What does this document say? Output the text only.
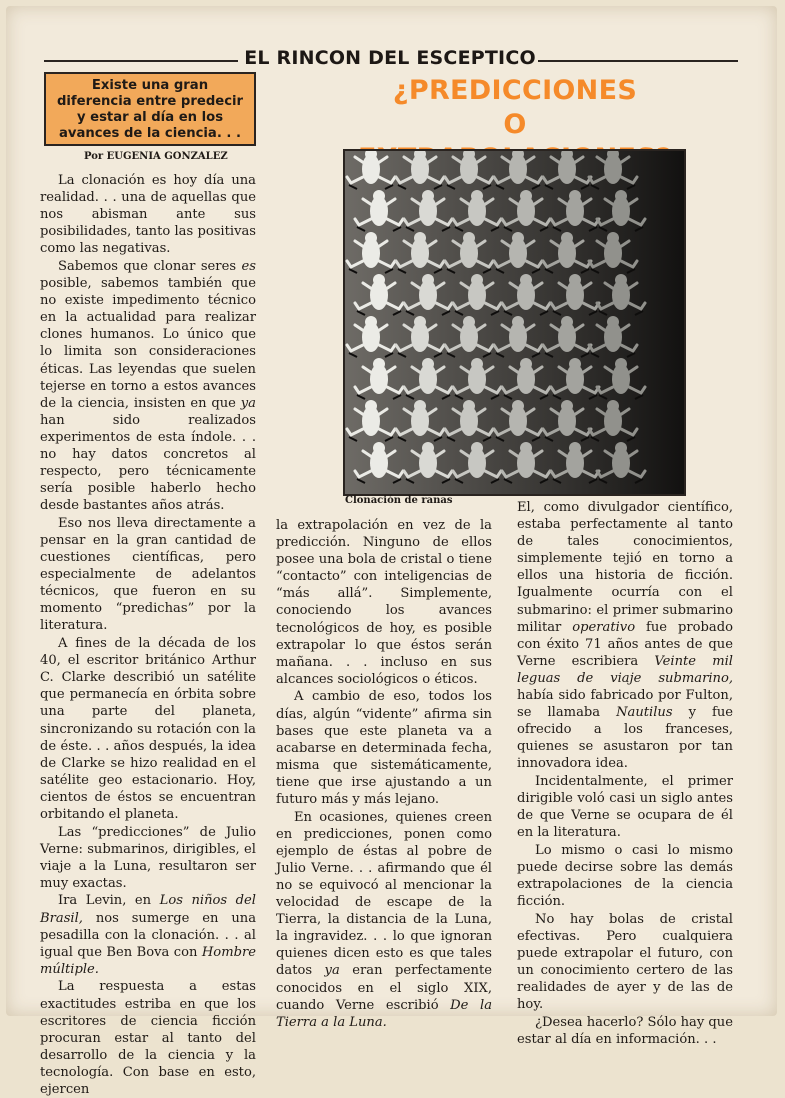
EL RINCON DEL ESCEPTICO
Existe una gran
diferencia entre predecir
y estar al día en los
avances de la ciencia. . .
Por EUGENIA GONZALEZ
¿PREDICCIONES
O
Clonación de ranas

La clonación es hoy día una realidad. . . una de aquellas que nos abisman ante sus posibilidades, tanto las positivas como las negativas.

Sabemos que clonar seres es posible, sabemos también que no existe impedimento técnico en la actualidad para realizar clones humanos. Lo único que lo limita son consideraciones éticas. Las leyendas que suelen tejerse en torno a estos avances de la ciencia, insisten en que ya han sido realizados experimentos de esta índole. . . no hay datos concretos al respecto, pero técnicamente sería posible haberlo hecho desde bastantes años atrás.

Eso nos lleva directamente a pensar en la gran cantidad de cuestiones científicas, pero especialmente de adelantos técnicos, que fueron en su momento “predichas” por la literatura.

A fines de la década de los 40, el escritor británico Arthur C. Clarke describió un satélite que permanecía en órbita sobre una parte del planeta, sincronizando su rotación con la de éste. . . años después, la idea de Clarke se hizo realidad en el satélite geo estacionario. Hoy, cientos de éstos se encuentran orbitando el planeta.

Las “predicciones” de Julio Verne: submarinos, dirigibles, el viaje a la Luna, resultaron ser muy exactas.

Ira Levin, en Los niños del Brasil, nos sumerge en una pesadilla con la clonación. . . al igual que Ben Bova con Hombre múltiple.

La respuesta a estas exactitudes estriba en que los escritores de ciencia ficción procuran estar al tanto del desarrollo de la ciencia y la tecnología. Con base en esto, ejercen

la extrapolación en vez de la predicción. Ninguno de ellos posee una bola de cristal o tiene “contacto” con inteligencias de “más allá”. Simplemente, conociendo los avances tecnológicos de hoy, es posible extrapolar lo que éstos serán mañana. . . incluso en sus alcances sociológicos o éticos.

A cambio de eso, todos los días, algún “vidente” afirma sin bases que este planeta va a acabarse en determinada fecha, misma que sistemáticamente, tiene que irse ajustando a un futuro más y más lejano.

En ocasiones, quienes creen en predicciones, ponen como ejemplo de éstas al pobre de Julio Verne. . . afirmando que él no se equivocó al mencionar la velocidad de escape de la Tierra, la distancia de la Luna, la ingravidez. . . lo que ignoran quienes dicen esto es que tales datos ya eran perfectamente conocidos en el siglo XIX, cuando Verne escribió De la Tierra a la Luna.

El, como divulgador científico, estaba perfectamente al tanto de tales conocimientos, simplemente tejió en torno a ellos una historia de ficción. Igualmente ocurría con el submarino: el primer submarino militar operativo fue probado con éxito 71 años antes de que Verne escribiera Veinte mil leguas de viaje submarino, había sido fabricado por Fulton, se llamaba Nautilus y fue ofrecido a los franceses, quienes se asustaron por tan innovadora idea.

Incidentalmente, el primer dirigible voló casi un siglo antes de que Verne se ocupara de él en la literatura.

Lo mismo o casi lo mismo puede decirse sobre las demás extrapolaciones de la ciencia ficción.

No hay bolas de cristal efectivas. Pero cualquiera puede extrapolar el futuro, con un conocimiento certero de las realidades de ayer y de las de hoy.

¿Desea hacerlo? Sólo hay que estar al día en información. . .
